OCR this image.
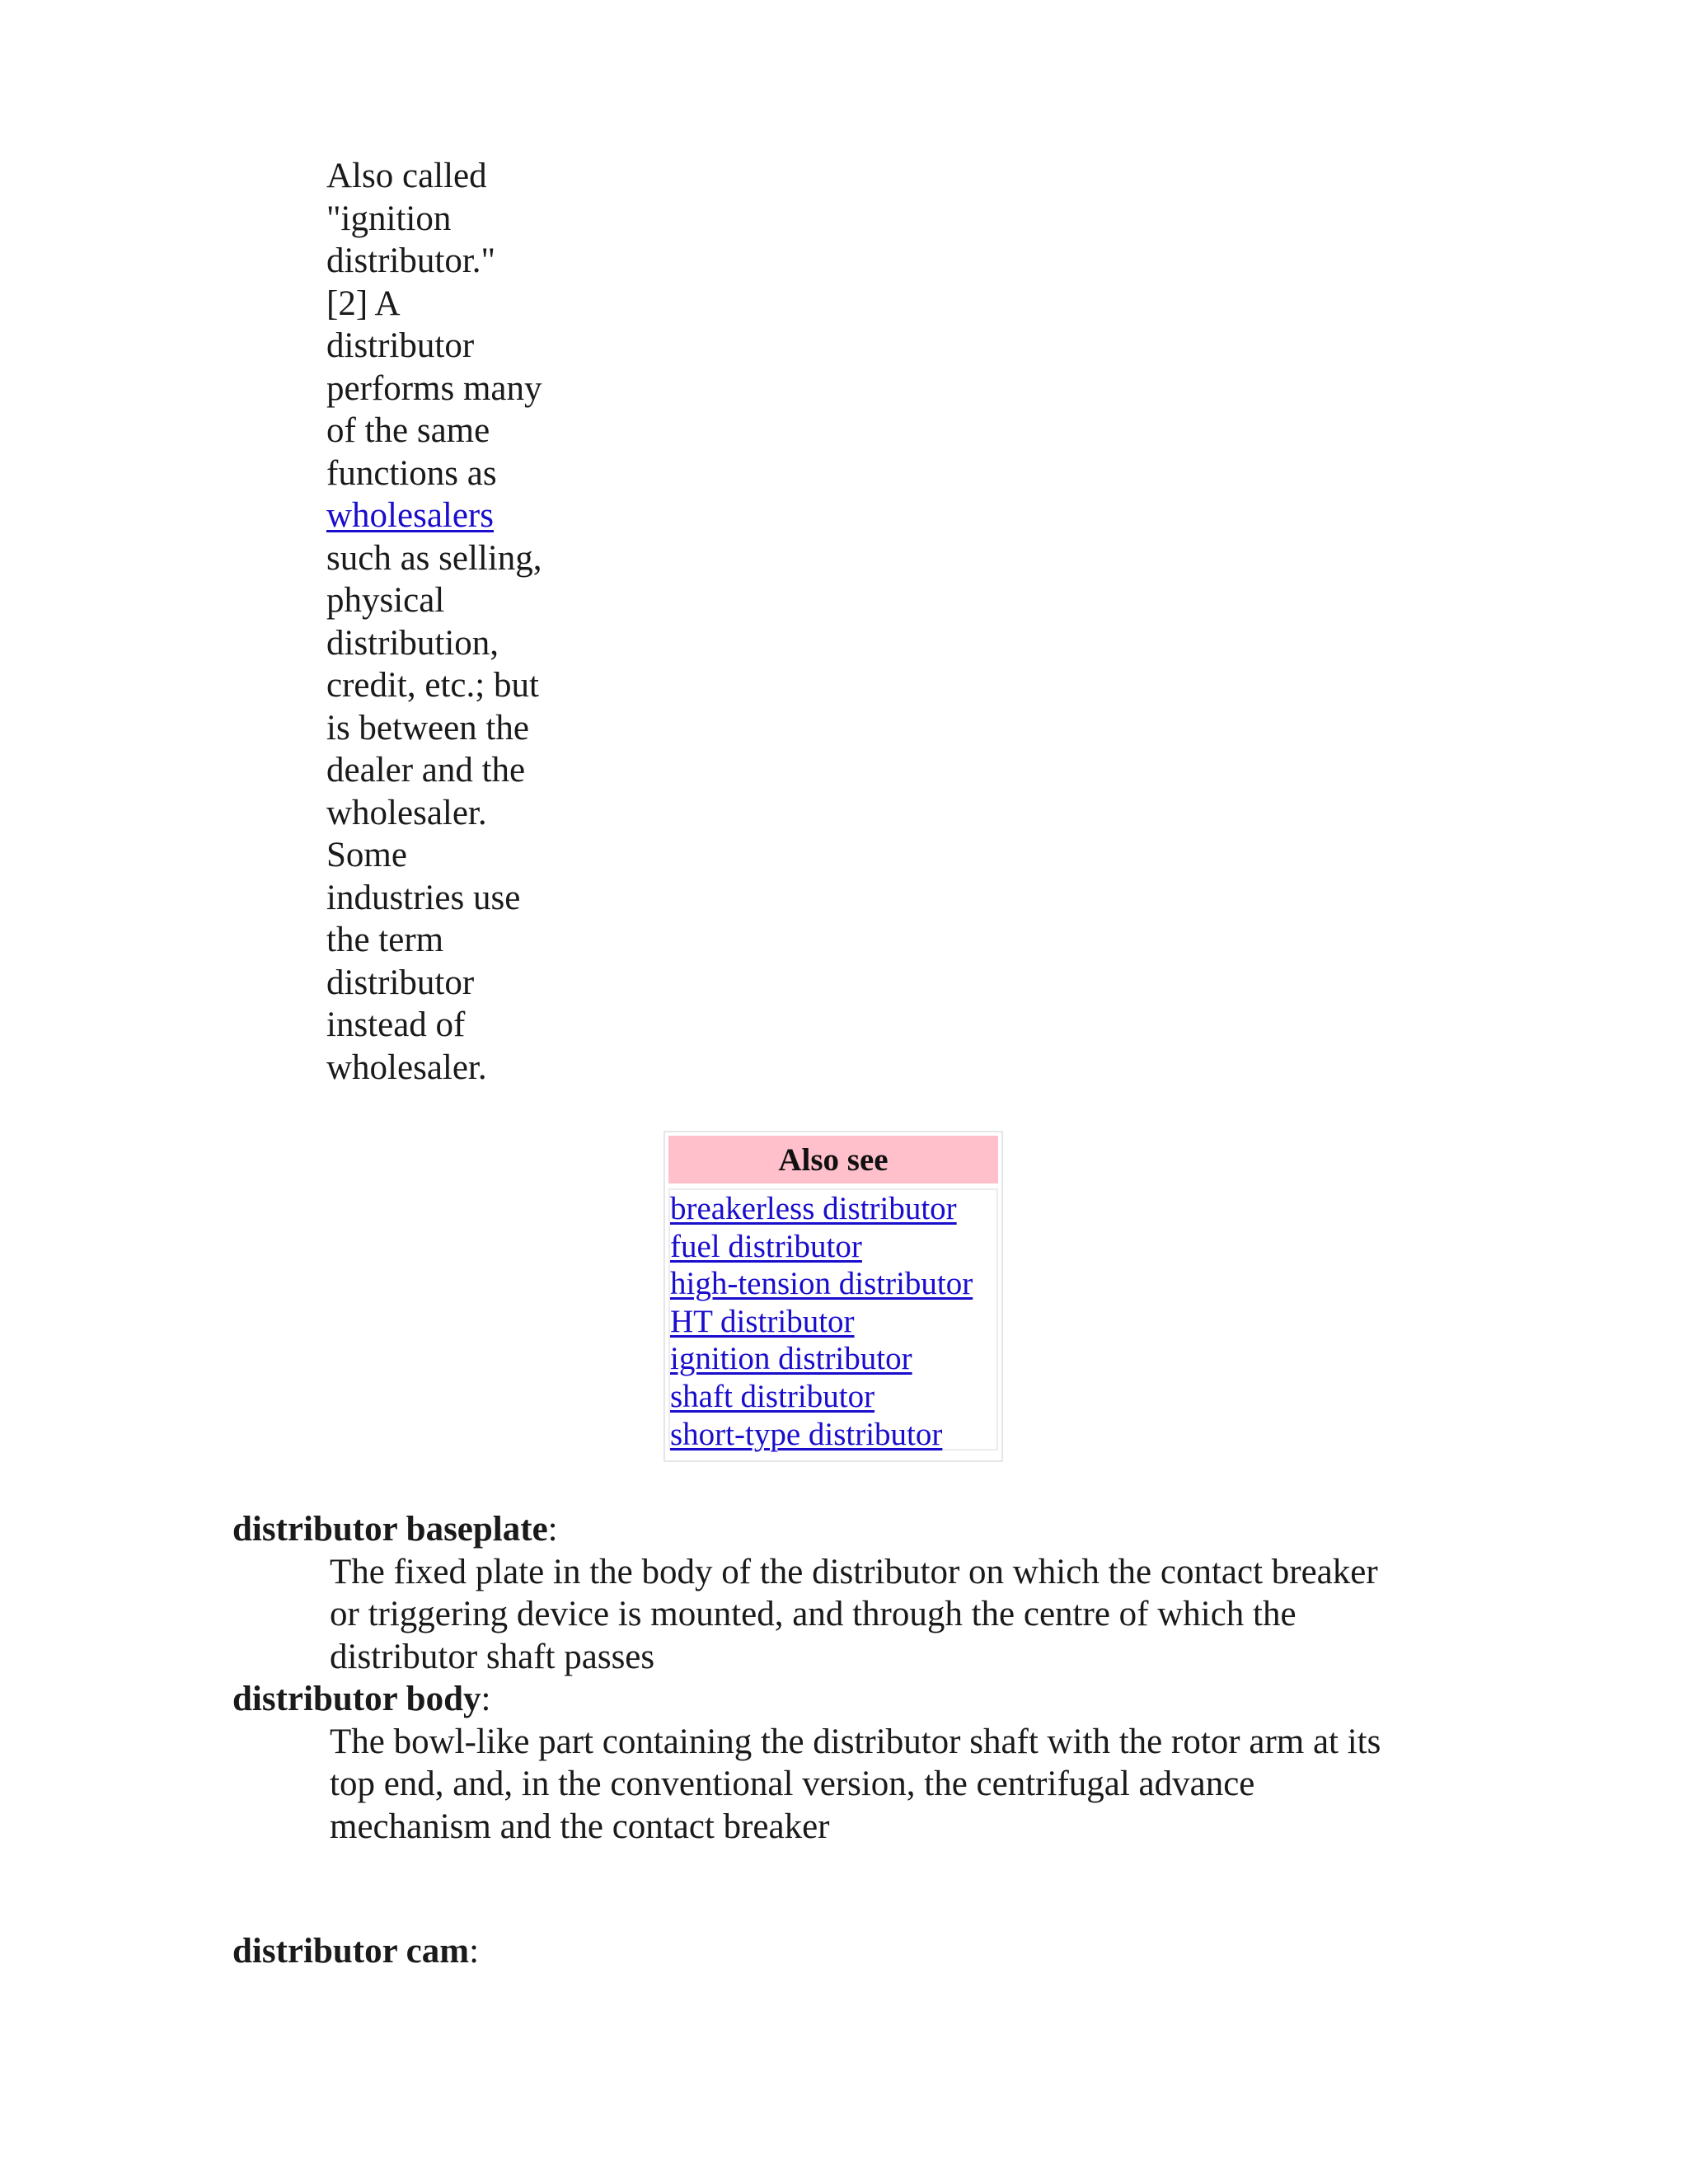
Also called
"ignition
distributor."
[2] A
distributor
performs many
of the same
functions as
wholesalers
such as selling,
physical
distribution,
credit, etc.; but
is between the
dealer and the
wholesaler.
Some
industries use
the term
distributor
instead of
wholesaler.
Also see
breakerless distributor
fuel distributor
high-tension distributor
HT distributor
ignition distributor
shaft distributor
short-type distributor
distributor baseplate:
The fixed plate in the body of the distributor on which the contact breaker
or triggering device is mounted, and through the centre of which the
distributor shaft passes
distributor body:
The bowl-like part containing the distributor shaft with the rotor arm at its
top end, and, in the conventional version, the centrifugal advance
mechanism and the contact breaker
distributor cam:
